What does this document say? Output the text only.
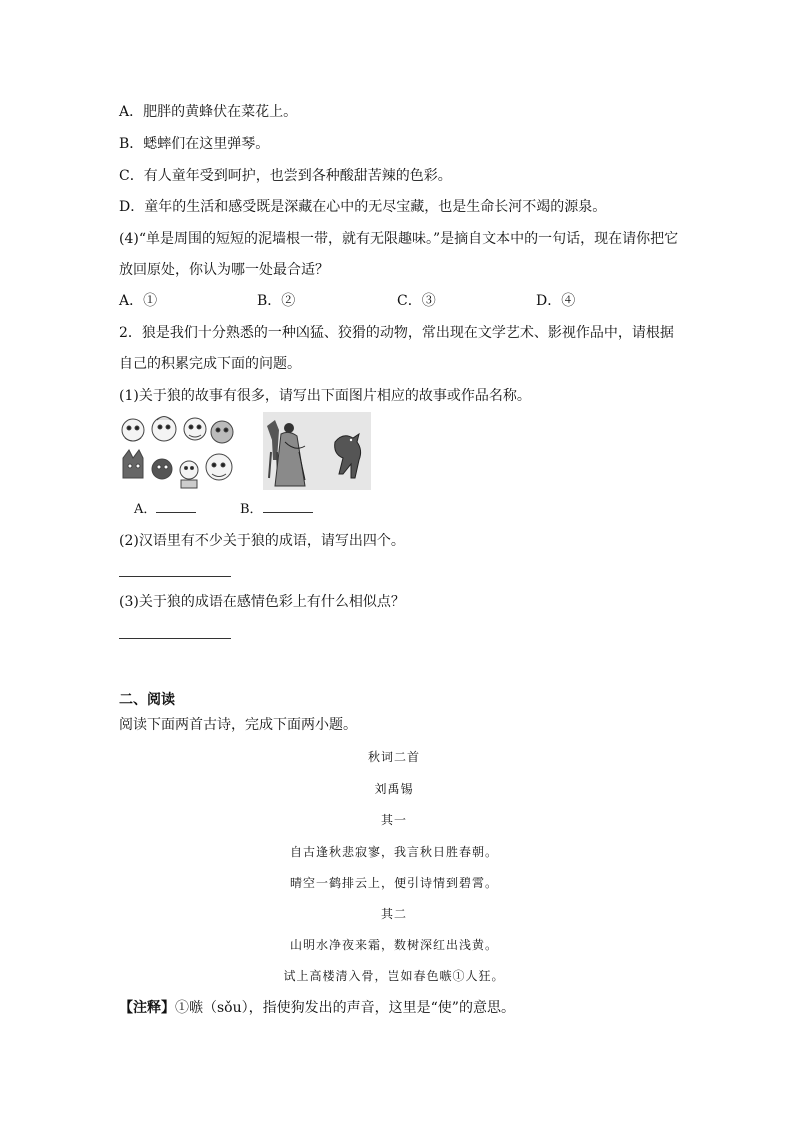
A．肥胖的黄蜂伏在菜花上。
B．蟋蟀们在这里弹琴。
C．有人童年受到呵护，也尝到各种酸甜苦辣的色彩。
D．童年的生活和感受既是深藏在心中的无尽宝藏，也是生命长河不竭的源泉。
(4)“单是周围的短短的泥墙根一带，就有无限趣味。”是摘自文本中的一句话，现在请你把它
放回原处，你认为哪一处最合适？
A．①	B．②	C．③	D．④
2．狼是我们十分熟悉的一种凶猛、狡猾的动物，常出现在文学艺术、影视作品中，请根据
自己的积累完成下面的问题。
(1)关于狼的故事有很多，请写出下面图片相应的故事或作品名称。
A．	B．
(2)汉语里有不少关于狼的成语，请写出四个。
(3)关于狼的成语在感情色彩上有什么相似点？
二、阅读
阅读下面两首古诗，完成下面两小题。
秋词二首
刘禹锡
其一
自古逢秋悲寂寥，我言秋日胜春朝。
晴空一鹤排云上，便引诗情到碧霄。
其二
山明水净夜来霜，数树深红出浅黄。
试上高楼清入骨，岂如春色嗾①人狂。
【注释】①嗾（sǒu），指使狗发出的声音，这里是“使”的意思。
